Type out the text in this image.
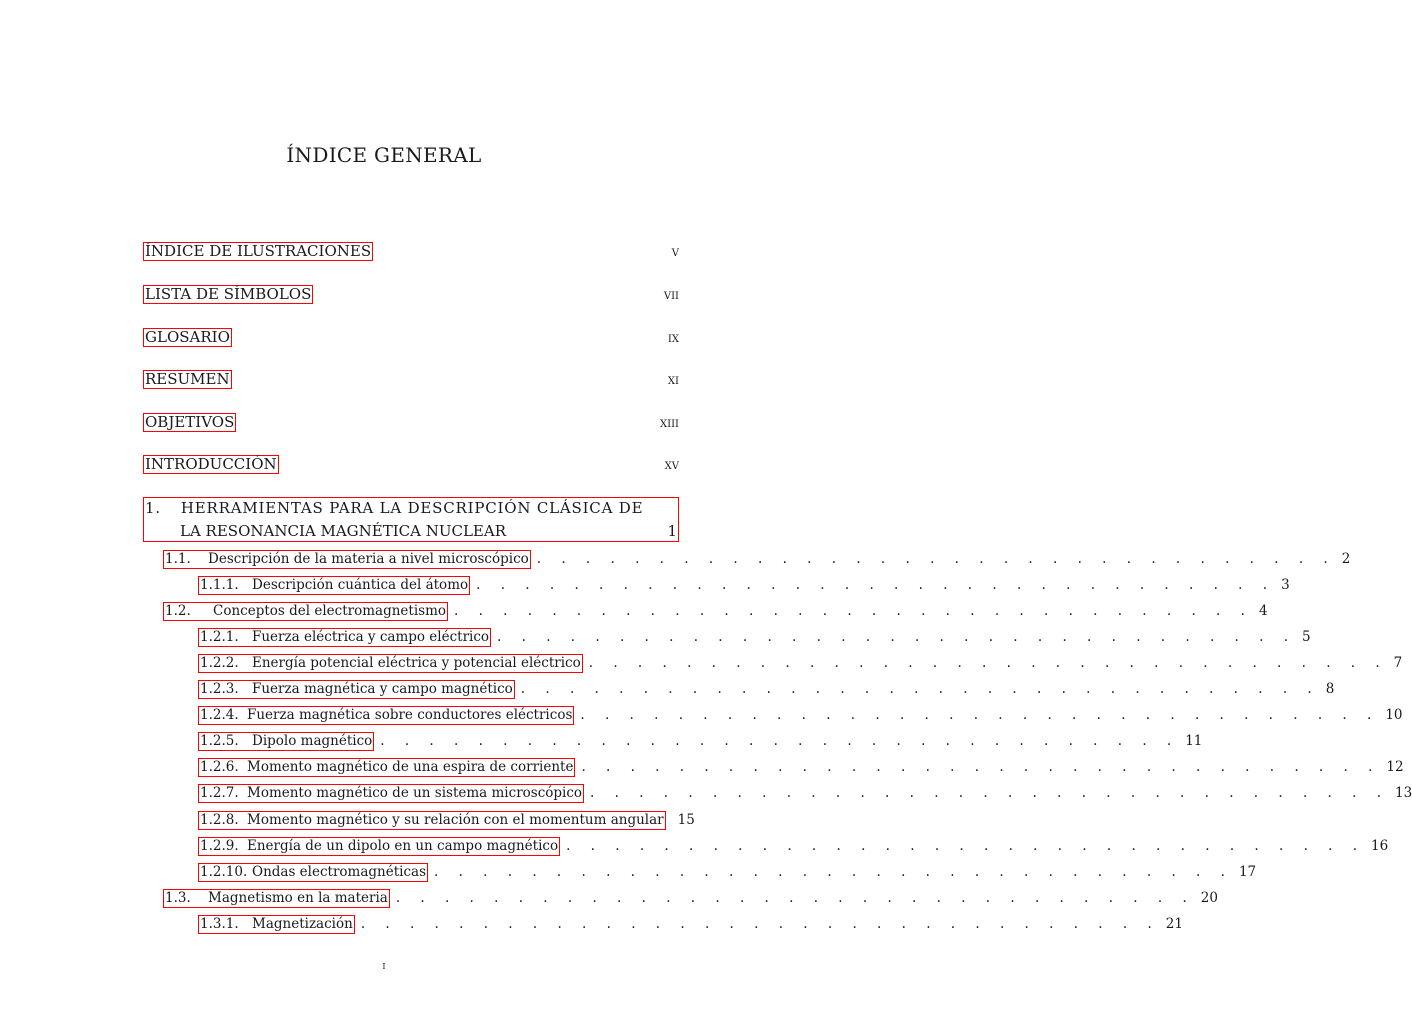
ÍNDICE GENERAL
ÍNDICE DE ILUSTRACIONES	v
LISTA DE SÍMBOLOS	vii
GLOSARIO	ix
RESUMEN	xi
OBJETIVOS	xiii
INTRODUCCIÓN	xv
1. HERRAMIENTAS PARA LA DESCRIPCIÓN CLÁSICA DE
LA RESONANCIA MAGNÉTICA NUCLEAR	1
1.1. Descripción de la materia a nivel microscópico . . . . . . . . . . . . . . . . . . . . . . . . . . . . . . . . . 2
1.1.1. Descripción cuántica del átomo . . . . . . . . . . . . . . . . . . . . . . . . . . . . . . . . . 3
1.2. Conceptos del electromagnetismo . . . . . . . . . . . . . . . . . . . . . . . . . . . . . . . . . 4
1.2.1. Fuerza eléctrica y campo eléctrico . . . . . . . . . . . . . . . . . . . . . . . . . . . . . . . . . 5
1.2.2. Energía potencial eléctrica y potencial eléctrico . . . . . . . . . . . . . . . . . . . . . . . . . . . . . . . . . 7
1.2.3. Fuerza magnética y campo magnético . . . . . . . . . . . . . . . . . . . . . . . . . . . . . . . . . 8
1.2.4. Fuerza magnética sobre conductores eléctricos . . . . . . . . . . . . . . . . . . . . . . . . . . . . . . . . . 10
1.2.5. Dipolo magnético . . . . . . . . . . . . . . . . . . . . . . . . . . . . . . . . . 11
1.2.6. Momento magnético de una espira de corriente . . . . . . . . . . . . . . . . . . . . . . . . . . . . . . . . . 12
1.2.7. Momento magnético de un sistema microscópico . . . . . . . . . . . . . . . . . . . . . . . . . . . . . . . . . 13
1.2.8. Momento magnético y su relación con el momentum angular 15
1.2.9. Energía de un dipolo en un campo magnético . . . . . . . . . . . . . . . . . . . . . . . . . . . . . . . . . 16
1.2.10. Ondas electromagnéticas . . . . . . . . . . . . . . . . . . . . . . . . . . . . . . . . . 17
1.3. Magnetismo en la materia . . . . . . . . . . . . . . . . . . . . . . . . . . . . . . . . . 20
1.3.1. Magnetización . . . . . . . . . . . . . . . . . . . . . . . . . . . . . . . . . 21
i
